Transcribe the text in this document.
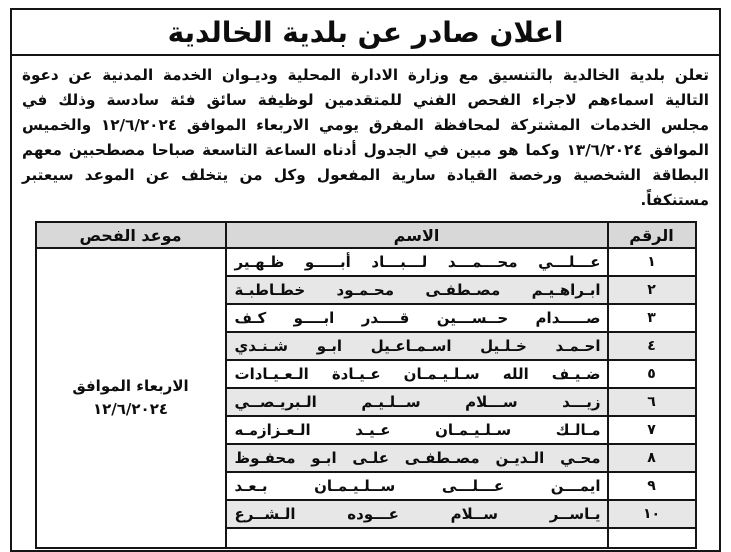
اعلان صادر عن بلدية الخالدية
تعلن بلدية الخالدية بالتنسيق مع وزارة الادارة المحلية وديـوان الخدمة المدنية عن دعوة التالية اسماءهم لاجراء الفحص الفني للمتقدمين لوظيفة سائق فئة سادسة وذلك في مجلس الخدمات المشتركة لمحافظة المفرق يومي الاربعاء الموافق ١٢/٦/٢٠٢٤ والخميس الموافق ١٣/٦/٢٠٢٤ وكما هو مبين في الجدول أدناه الساعة التاسعة صباحا مصطحبين معهم البطاقة الشخصية ورخصة القيادة سارية المفعول وكل من يتخلف عن الموعد سيعتبر مستنكفاً.
الرقم	الاسم	موعد الفحص
١	عـــلـــي محـــمـــد لـــبـــاد أبـــــو ظـهـير	الاربعاء الموافق
١٢/٦/٢٠٢٤

٢	ابـراهـيـم مصـطفـى محـمـود خطـاطبـة	
٣	صـــــدام حــســـين قــــدر ابــــو كـف	
٤	احـمـد خـلـيل اسـمـاعـيل ابـو شـنـدي	
٥	ضـيـف الله سـلـيـمـان عـيـادة الـعـيـادات	
٦	زيـــد ســـلام ســلـيـم الـبريـصــي	
٧	مـالـك سـلـيـمـان عـيـد الـعـزازمـه	
٨	محـي الـديـن مصـطفـى علـى ابـو محفـوظ	
٩	ايمـــن عـــلـــى ســلـيـمـان بـعـد	
١٠	يـاســر ســلام عـــوده الـشــرع	
